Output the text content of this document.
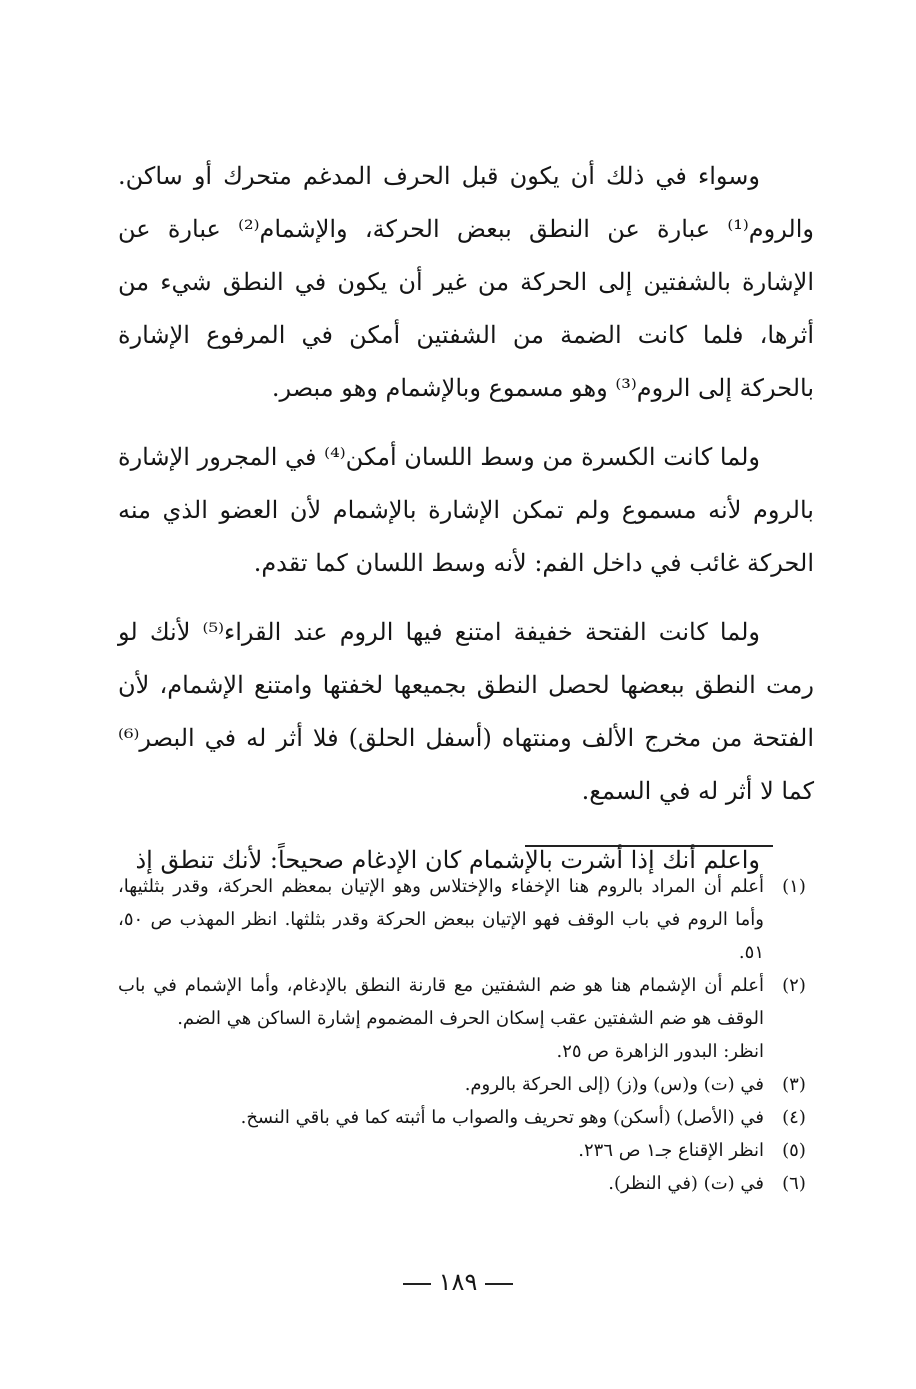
وسواء في ذلك أن يكون قبل الحرف المدغم متحرك أو ساكن. والروم⁽¹⁾ عبارة عن النطق ببعض الحركة، والإشمام⁽²⁾ عبارة عن الإشارة بالشفتين إلى الحركة من غير أن يكون في النطق شيء من أثرها، فلما كانت الضمة من الشفتين أمكن في المرفوع الإشارة بالحركة إلى الروم⁽³⁾ وهو مسموع وبالإشمام وهو مبصر.

ولما كانت الكسرة من وسط اللسان أمكن⁽⁴⁾ في المجرور الإشارة بالروم لأنه مسموع ولم تمكن الإشارة بالإشمام لأن العضو الذي منه الحركة غائب في داخل الفم: لأنه وسط اللسان كما تقدم.

ولما كانت الفتحة خفيفة امتنع فيها الروم عند القراء⁽⁵⁾ لأنك لو رمت النطق ببعضها لحصل النطق بجميعها لخفتها وامتنع الإشمام، لأن الفتحة من مخرج الألف ومنتهاه (أسفل الحلق) فلا أثر له في البصر⁽⁶⁾ كما لا أثر له في السمع.

واعلم أنك إذا أشرت بالإشمام كان الإدغام صحيحاً: لأنك تنطق إذ

(١)
أعلم أن المراد بالروم هنا الإخفاء والإختلاس وهو الإتيان بمعظم الحركة، وقدر بثلثيها، وأما الروم في باب الوقف فهو الإتيان ببعض الحركة وقدر بثلثها. انظر المهذب ص ٥٠، ٥١.
(٢)
أعلم أن الإشمام هنا هو ضم الشفتين مع قارنة النطق بالإدغام، وأما الإشمام في باب الوقف هو ضم الشفتين عقب إسكان الحرف المضموم إشارة الساكن هي الضم.
انظر: البدور الزاهرة ص ٢٥.
(٣)
في (ت) و(س) و(ز) (إلى الحركة بالروم.
(٤)
في (الأصل) (أسكن) وهو تحريف والصواب ما أثبته كما في باقي النسخ.
(٥)
انظر الإقناع جـ١ ص ٢٣٦.
(٦)
في (ت) (في النظر).
١٨٩
